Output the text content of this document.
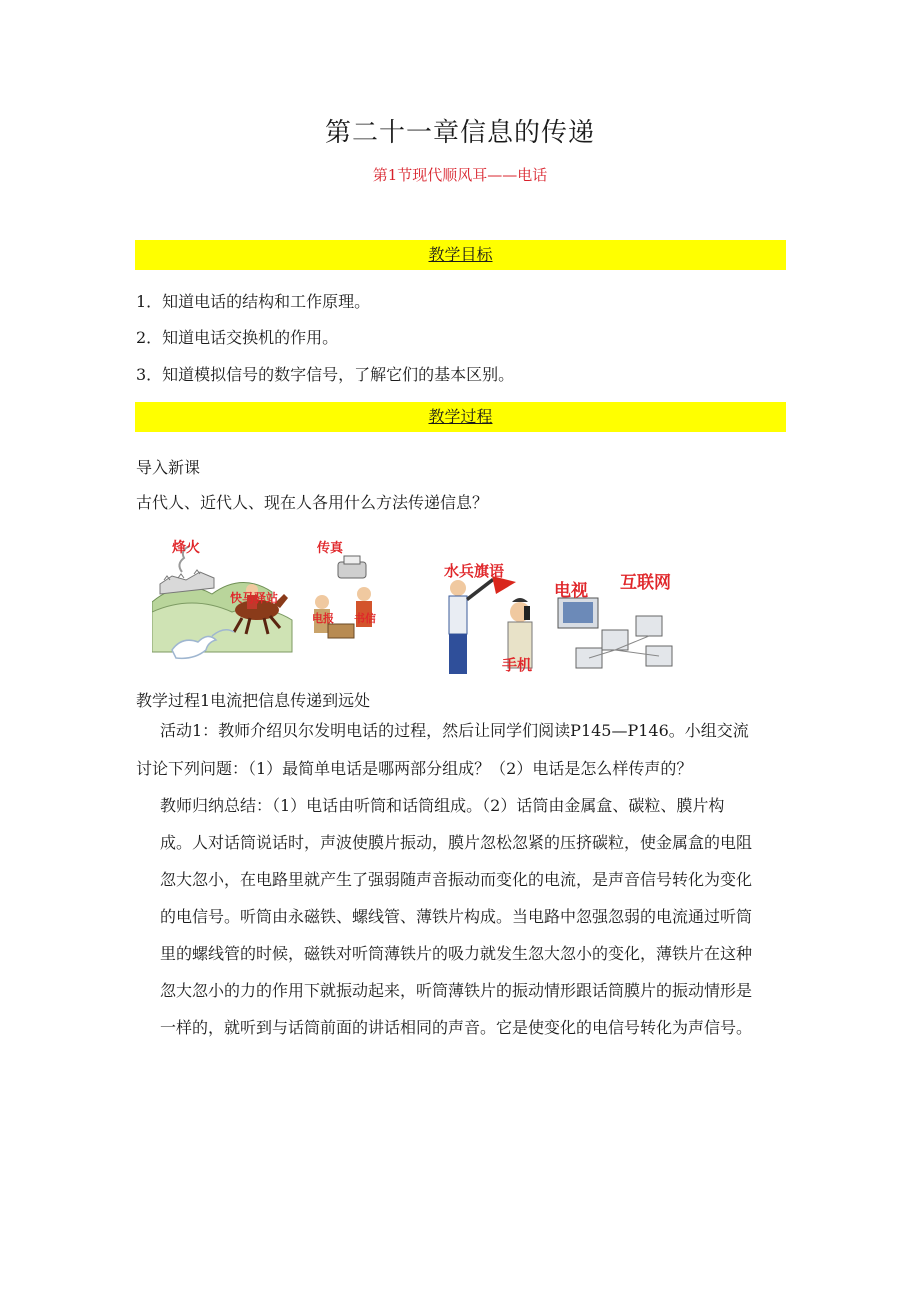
第二十一章信息的传递
第1节现代顺风耳——电话
教学目标
1．知道电话的结构和工作原理。
2．知道电话交换机的作用。
3．知道模拟信号的数字信号，了解它们的基本区别。
教学过程
导入新课
古代人、近代人、现在人各用什么方法传递信息？
烽火	传真
快马驿站
电报 书信
水兵旗语
电视 互联网
手机
教学过程1电流把信息传递到远处
活动1：教师介绍贝尔发明电话的过程，然后让同学们阅读P145—P146。小组交流
讨论下列问题：（1）最简单电话是哪两部分组成？（2）电话是怎么样传声的？
教师归纳总结：（1）电话由听筒和话筒组成。（2）话筒由金属盒、碳粒、膜片构
成。人对话筒说话时，声波使膜片振动，膜片忽松忽紧的压挤碳粒，使金属盒的电阻
忽大忽小，在电路里就产生了强弱随声音振动而变化的电流，是声音信号转化为变化
的电信号。听筒由永磁铁、螺线管、薄铁片构成。当电路中忽强忽弱的电流通过听筒
里的螺线管的时候，磁铁对听筒薄铁片的吸力就发生忽大忽小的变化，薄铁片在这种
忽大忽小的力的作用下就振动起来，听筒薄铁片的振动情形跟话筒膜片的振动情形是
一样的，就听到与话筒前面的讲话相同的声音。它是使变化的电信号转化为声信号。
